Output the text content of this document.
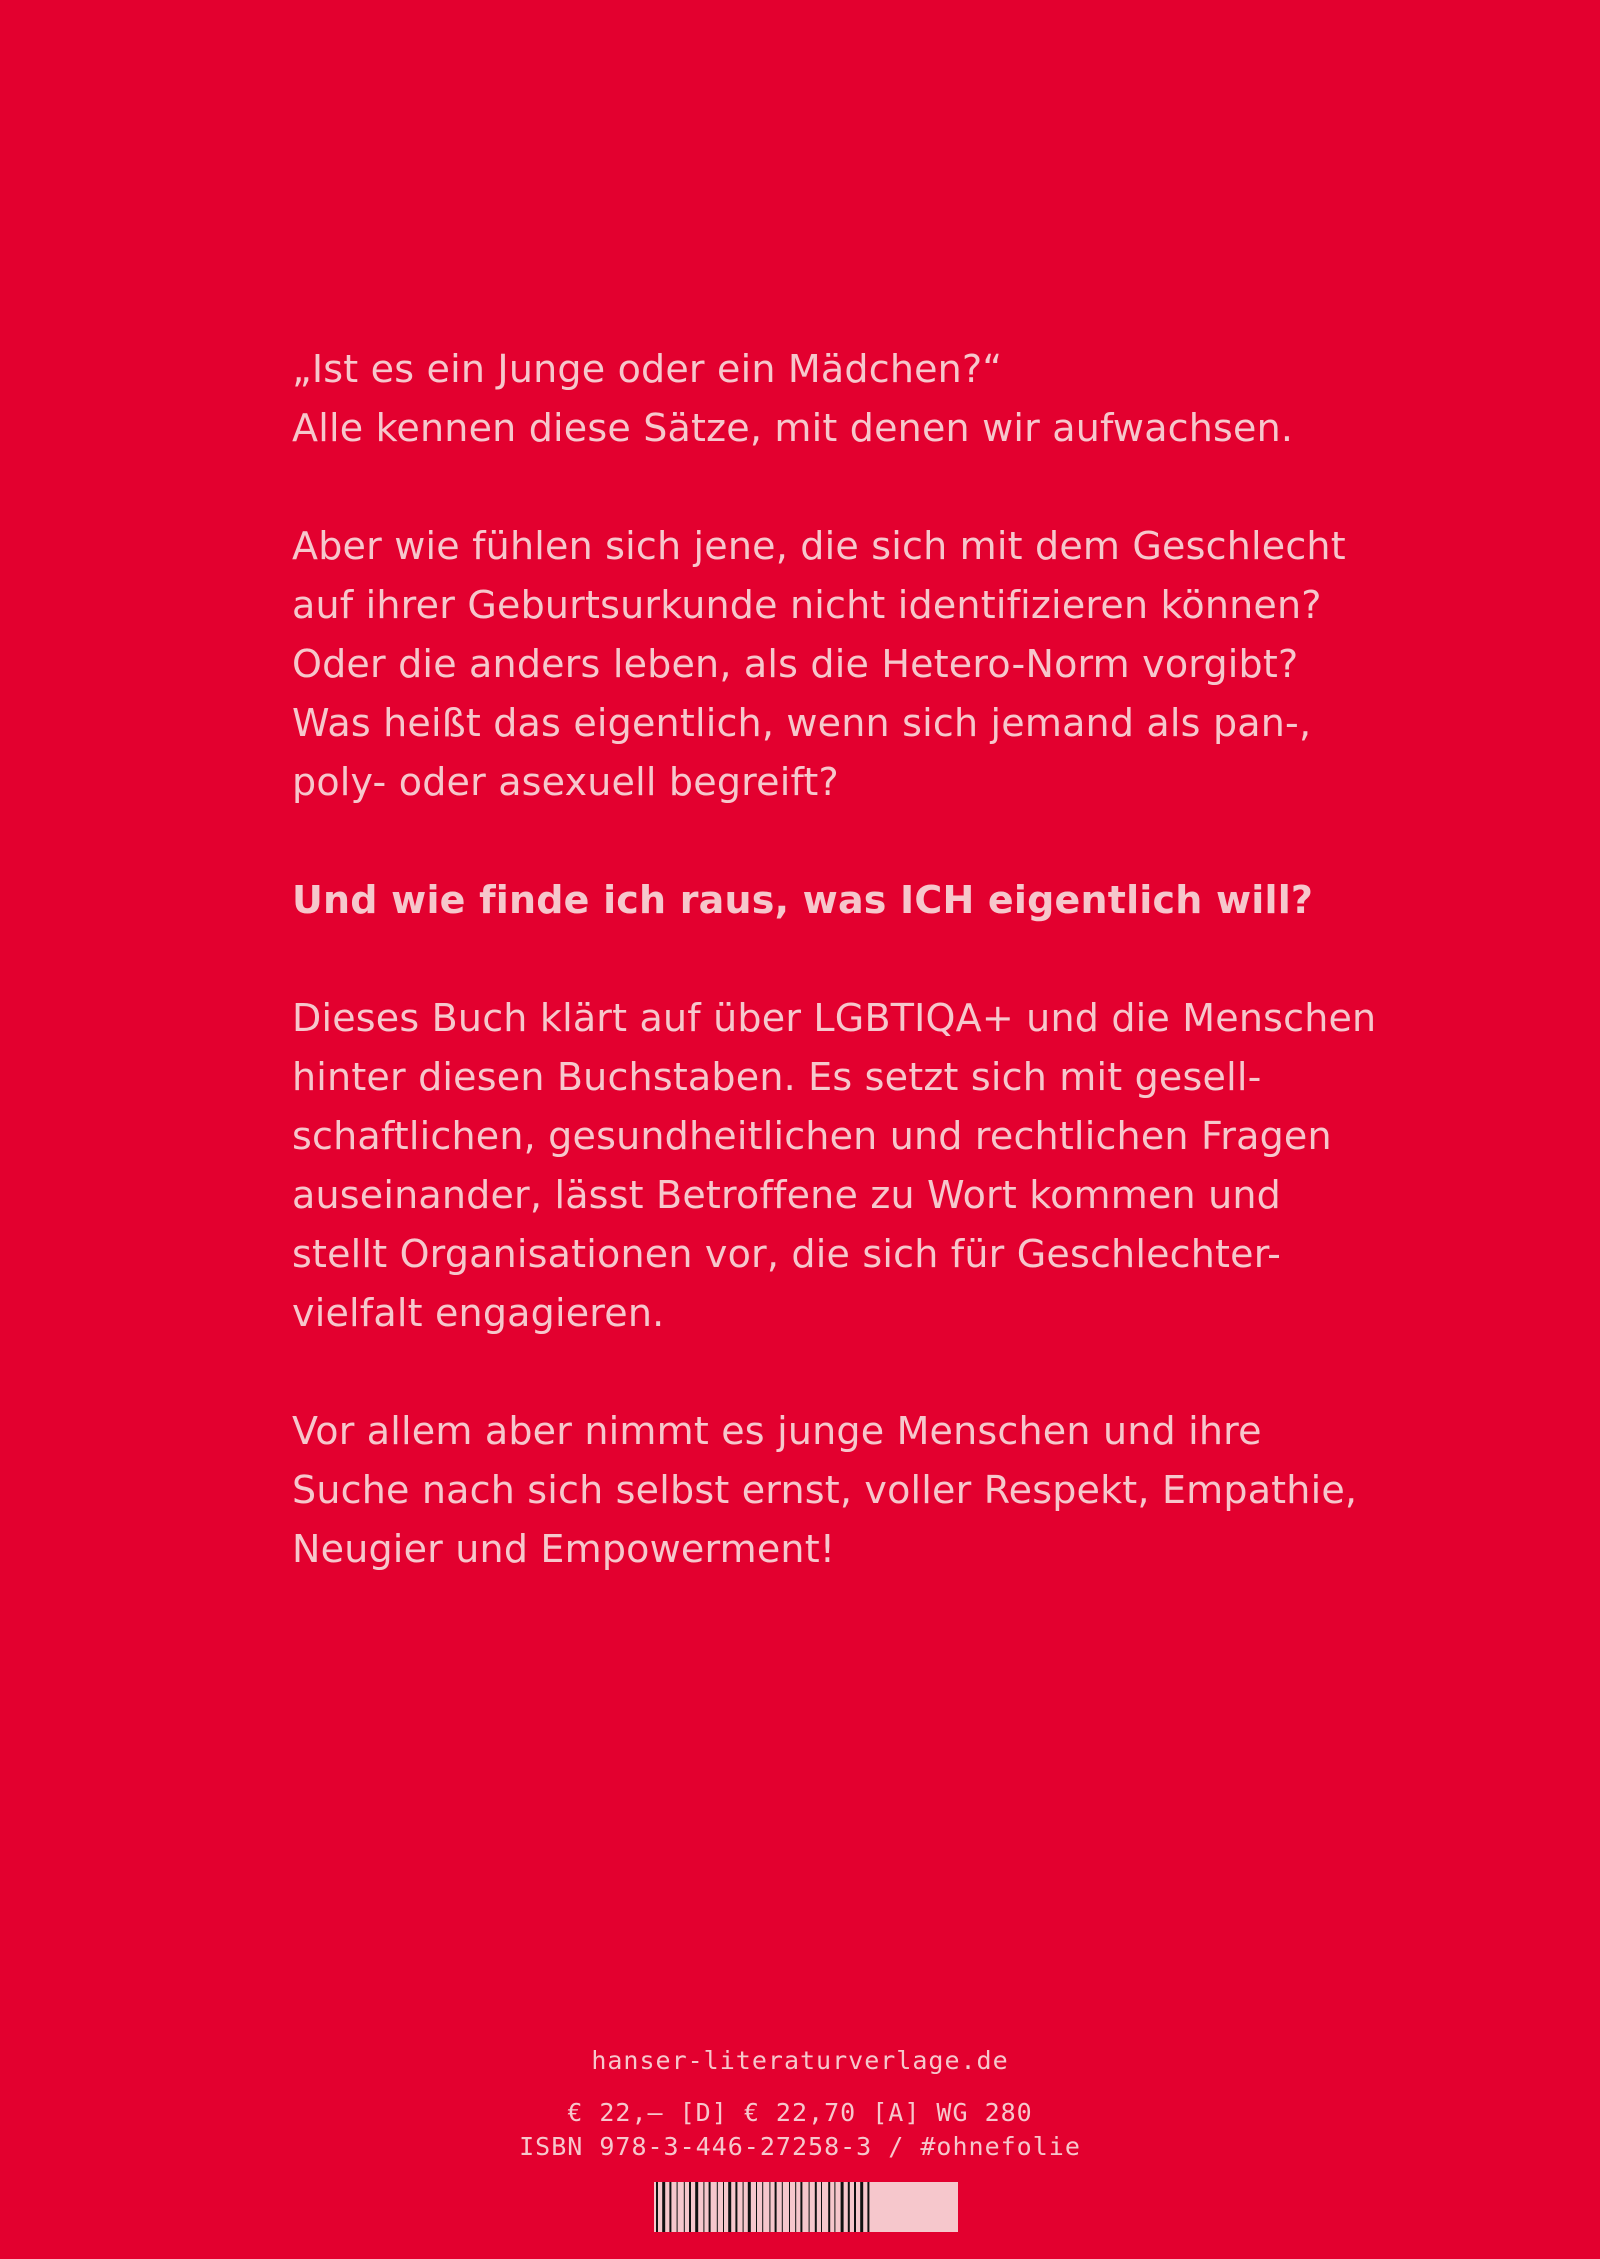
„Ist es ein Junge oder ein Mädchen?“
Alle kennen diese Sätze, mit denen wir aufwachsen.
Aber wie fühlen sich jene, die sich mit dem Geschlecht
auf ihrer Geburtsurkunde nicht identifizieren können?
Oder die anders leben, als die Hetero-Norm vorgibt?
Was heißt das eigentlich, wenn sich jemand als pan-,
poly- oder asexuell begreift?
Und wie finde ich raus, was ICH eigentlich will?
Dieses Buch klärt auf über LGBTIQA+ und die Menschen
hinter diesen Buchstaben. Es setzt sich mit gesell-
schaftlichen, gesundheitlichen und rechtlichen Fragen
auseinander, lässt Betroffene zu Wort kommen und
stellt Organisationen vor, die sich für Geschlechter-
vielfalt engagieren.
Vor allem aber nimmt es junge Menschen und ihre
Suche nach sich selbst ernst, voller Respekt, Empathie,
Neugier und Empowerment!
hanser-literaturverlage.de
€ 22,– [D] € 22,70 [A] WG 280
ISBN 978-3-446-27258-3 / #ohnefolie
